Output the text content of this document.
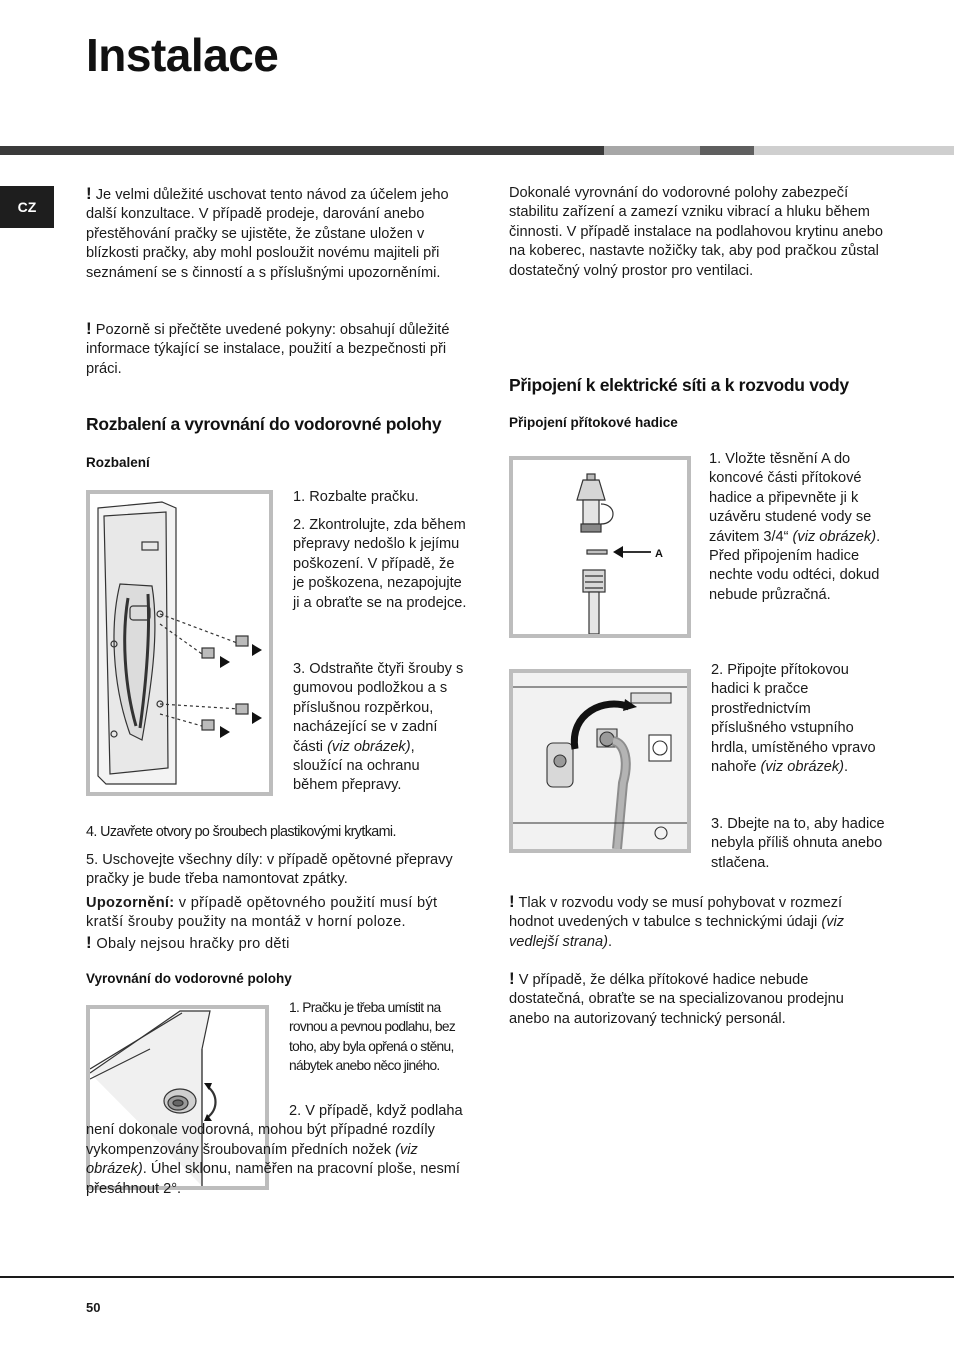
Instalace
CZ

! Je velmi důležité uschovat tento návod za účelem jeho další konzultace. V případě prodeje, darování anebo přestěhování pračky se ujistěte, že zůstane uložen v blízkosti pračky, aby mohl posloužit novému majiteli při seznámení se s činností a s příslušnými upozorněními.

! Pozorně si přečtěte uvedené pokyny: obsahují důležité informace týkající se instalace, použití a bezpečnosti při práci.

Rozbalení a vyrovnání do vodorovné polohy
Rozbalení

1. Rozbalte pračku.

2. Zkontrolujte, zda během přepravy nedošlo k jejímu poškození. V případě, že je poškozena, nezapojujte ji a obraťte se na prodejce.

3. Odstraňte čtyři šrouby s gumovou podložkou a s příslušnou rozpěrkou, nacházející se v zadní části (viz obrázek), sloužící na ochranu během přepravy.

4. Uzavřete otvory po šroubech plastikovými krytkami.

5. Uschovejte všechny díly: v případě opětovné přepravy pračky je bude třeba namontovat zpátky.

Upozornění: v případě opětovného použití musí být kratší šrouby použity na montáž v horní poloze.
! Obaly nejsou hračky pro děti

Vyrovnání do vodorovné polohy

1. Pračku je třeba umístit na rovnou a pevnou podlahu, bez toho, aby byla opřená o stěnu, nábytek anebo něco jiného.

2. V případě, když podlaha není dokonale vodorovná, mohou být případné rozdíly vykompenzovány šroubovaním předních nožek (viz obrázek). Úhel sklonu, naměřen na pracovní ploše, nesmí přesáhnout 2°.

Dokonalé vyrovnání do vodorovné polohy zabezpečí stabilitu zařízení a zamezí vzniku vibrací a hluku během činnosti. V případě instalace na podlahovou krytinu anebo na koberec, nastavte nožičky tak, aby pod pračkou zůstal dostatečný volný prostor pro ventilaci.

Připojení k elektrické síti a k rozvodu vody
Připojení přítokové hadice
A

1. Vložte těsnění A do koncové části přítokové hadice a připevněte ji k uzávěru studené vody se závitem 3/4“ (viz obrázek).
Před připojením hadice nechte vodu odtéci, dokud nebude průzračná.

2. Připojte přítokovou hadici k pračce prostřednictvím příslušného vstupního hrdla, umístěného vpravo nahoře (viz obrázek).

3. Dbejte na to, aby hadice nebyla příliš ohnuta anebo stlačena.

! Tlak v rozvodu vody se musí pohybovat v rozmezí hodnot uvedených v tabulce s technickými údaji (viz vedlejší strana).

! V případě, že délka přítokové hadice nebude dostatečná, obraťte se na specializovanou prodejnu anebo na autorizovaný technický personál.

50
